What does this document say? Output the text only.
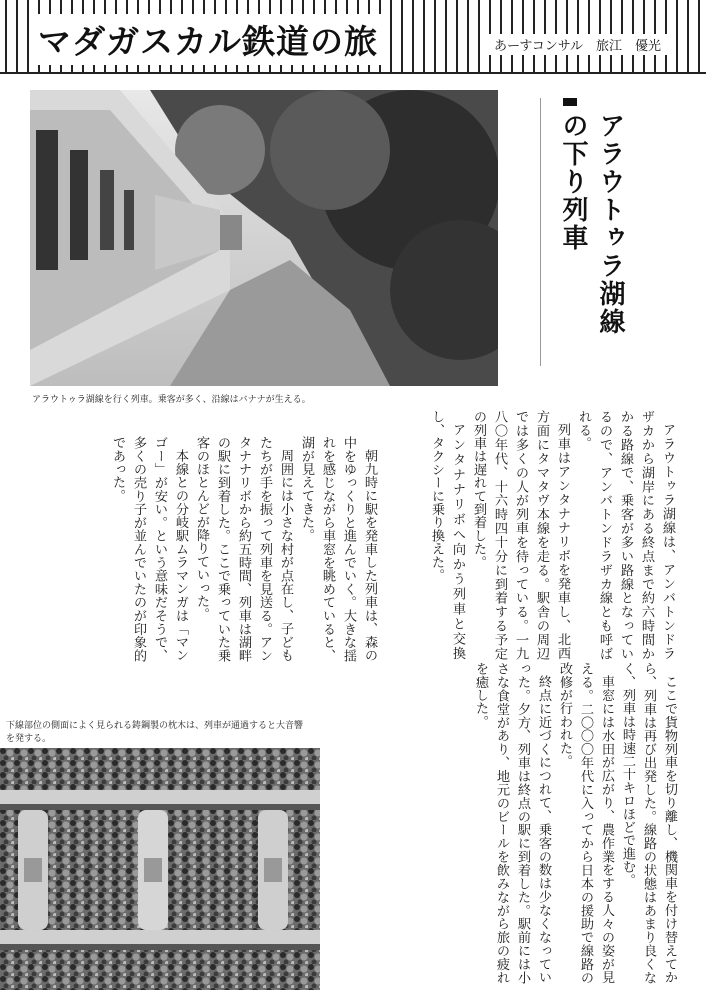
マダガスカル鉄道の旅	あーすコンサル　旅江　優光
アラウトゥラ湖線を行く列車。乗客が多く、沿線はバナナが生える。
アラウトゥラ湖線の下り列車

アラウトゥラ湖線は、アンバトンドラザカから湖岸にある終点まで約六時間かかる路線で、乗客が多い路線となっているので、アンバトンドラザカ線とも呼ばれる。

列車はアンタナナリボを発車し、北西方面にタマタヴ本線を走る。駅舎の周辺では多くの人が列車を待っている。一九八〇年代、十六時四十分に到着する予定の列車は遅れて到着した。

アンタナナリボへ向かう列車と交換し、タクシーに乗り換えた。

朝九時に駅を発車した列車は、森の中をゆっくりと進んでいく。大きな揺れを感じながら車窓を眺めていると、湖が見えてきた。

周囲には小さな村が点在し、子どもたちが手を振って列車を見送る。アンタナナリボから約五時間、列車は湖畔の駅に到着した。ここで乗っていた乗客のほとんどが降りていった。

本線との分岐駅ムラマンガは「マンゴー」が安い。という意味だそうで、多くの売り子が並んでいたのが印象的であった。

下線部位の側面によく見られる鋳鋼製の枕木は、列車が通過すると大音響を発する。	ここで貨物列車を切り離し、機関車を付け替えてから、列車は再び出発した。線路の状態はあまり良くなく、列車は時速二十キロほどで進む。

車窓には水田が広がり、農作業をする人々の姿が見える。二〇〇〇年代に入ってから日本の援助で線路の改修が行われた。

終点に近づくにつれて、乗客の数は少なくなっていった。夕方、列車は終点の駅に到着した。駅前には小さな食堂があり、地元のビールを飲みながら旅の疲れを癒した。
